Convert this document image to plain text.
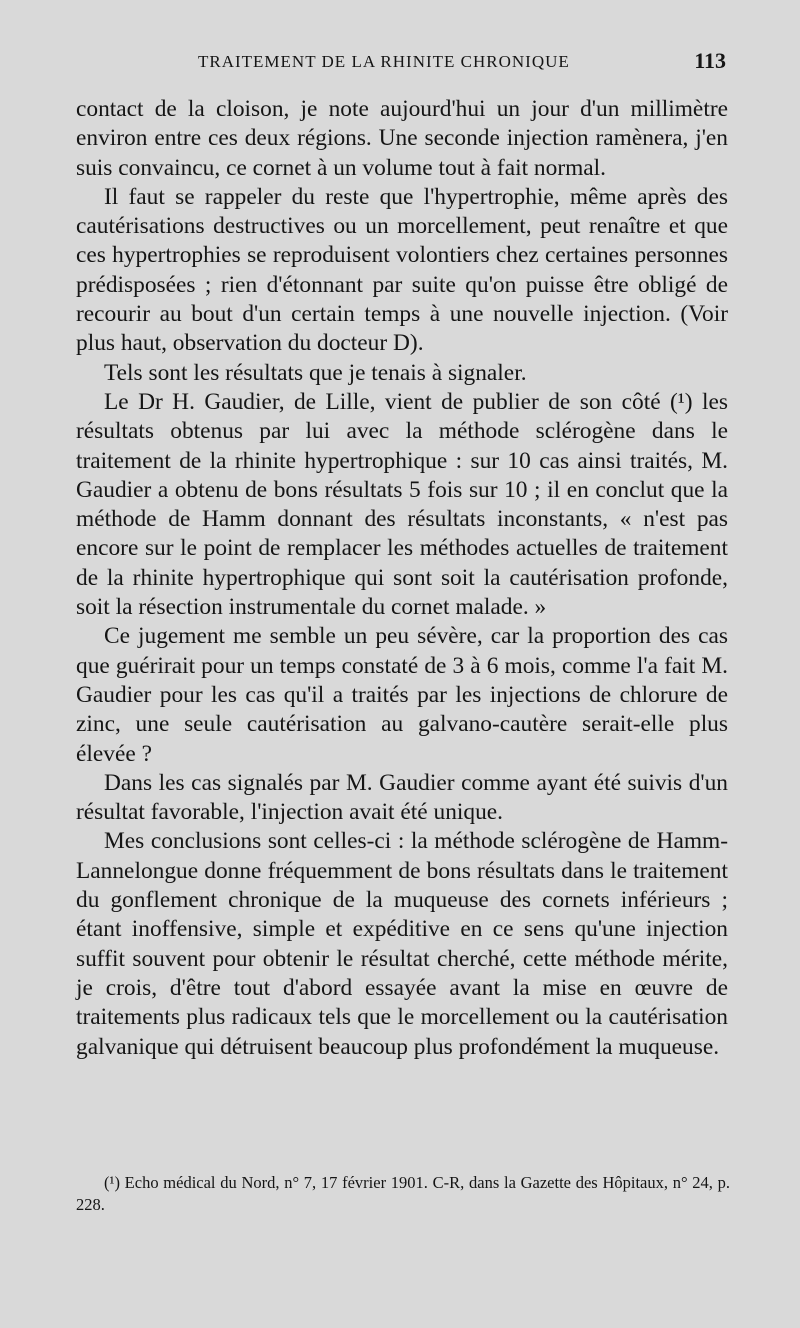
TRAITEMENT DE LA RHINITE CHRONIQUE	113

contact de la cloison, je note aujourd'hui un jour d'un millimètre environ entre ces deux régions. Une seconde injection ramènera, j'en suis convaincu, ce cornet à un volume tout à fait normal.

Il faut se rappeler du reste que l'hypertrophie, même après des cautérisations destructives ou un morcellement, peut renaître et que ces hypertrophies se reproduisent volontiers chez certaines personnes prédisposées ; rien d'étonnant par suite qu'on puisse être obligé de recourir au bout d'un certain temps à une nouvelle injection. (Voir plus haut, observation du docteur D).

Tels sont les résultats que je tenais à signaler.

Le Dr H. Gaudier, de Lille, vient de publier de son côté (¹) les résultats obtenus par lui avec la méthode sclérogène dans le traitement de la rhinite hypertrophique : sur 10 cas ainsi traités, M. Gaudier a obtenu de bons résultats 5 fois sur 10 ; il en conclut que la méthode de Hamm donnant des résultats inconstants, « n'est pas encore sur le point de remplacer les méthodes actuelles de traitement de la rhinite hypertrophique qui sont soit la cautérisation profonde, soit la résection instrumentale du cornet malade. »

Ce jugement me semble un peu sévère, car la proportion des cas que guérirait pour un temps constaté de 3 à 6 mois, comme l'a fait M. Gaudier pour les cas qu'il a traités par les injections de chlorure de zinc, une seule cautérisation au galvano-cautère serait-elle plus élevée ?

Dans les cas signalés par M. Gaudier comme ayant été suivis d'un résultat favorable, l'injection avait été unique.

Mes conclusions sont celles-ci : la méthode sclérogène de Hamm-Lannelongue donne fréquemment de bons résultats dans le traitement du gonflement chronique de la muqueuse des cornets inférieurs ; étant inoffensive, simple et expéditive en ce sens qu'une injection suffit souvent pour obtenir le résultat cherché, cette méthode mérite, je crois, d'être tout d'abord essayée avant la mise en œuvre de traitements plus radicaux tels que le morcellement ou la cautérisation galvanique qui détruisent beaucoup plus profondément la muqueuse.

(¹) Echo médical du Nord, n° 7, 17 février 1901. C-R, dans la Gazette des Hôpitaux, n° 24, p. 228.
